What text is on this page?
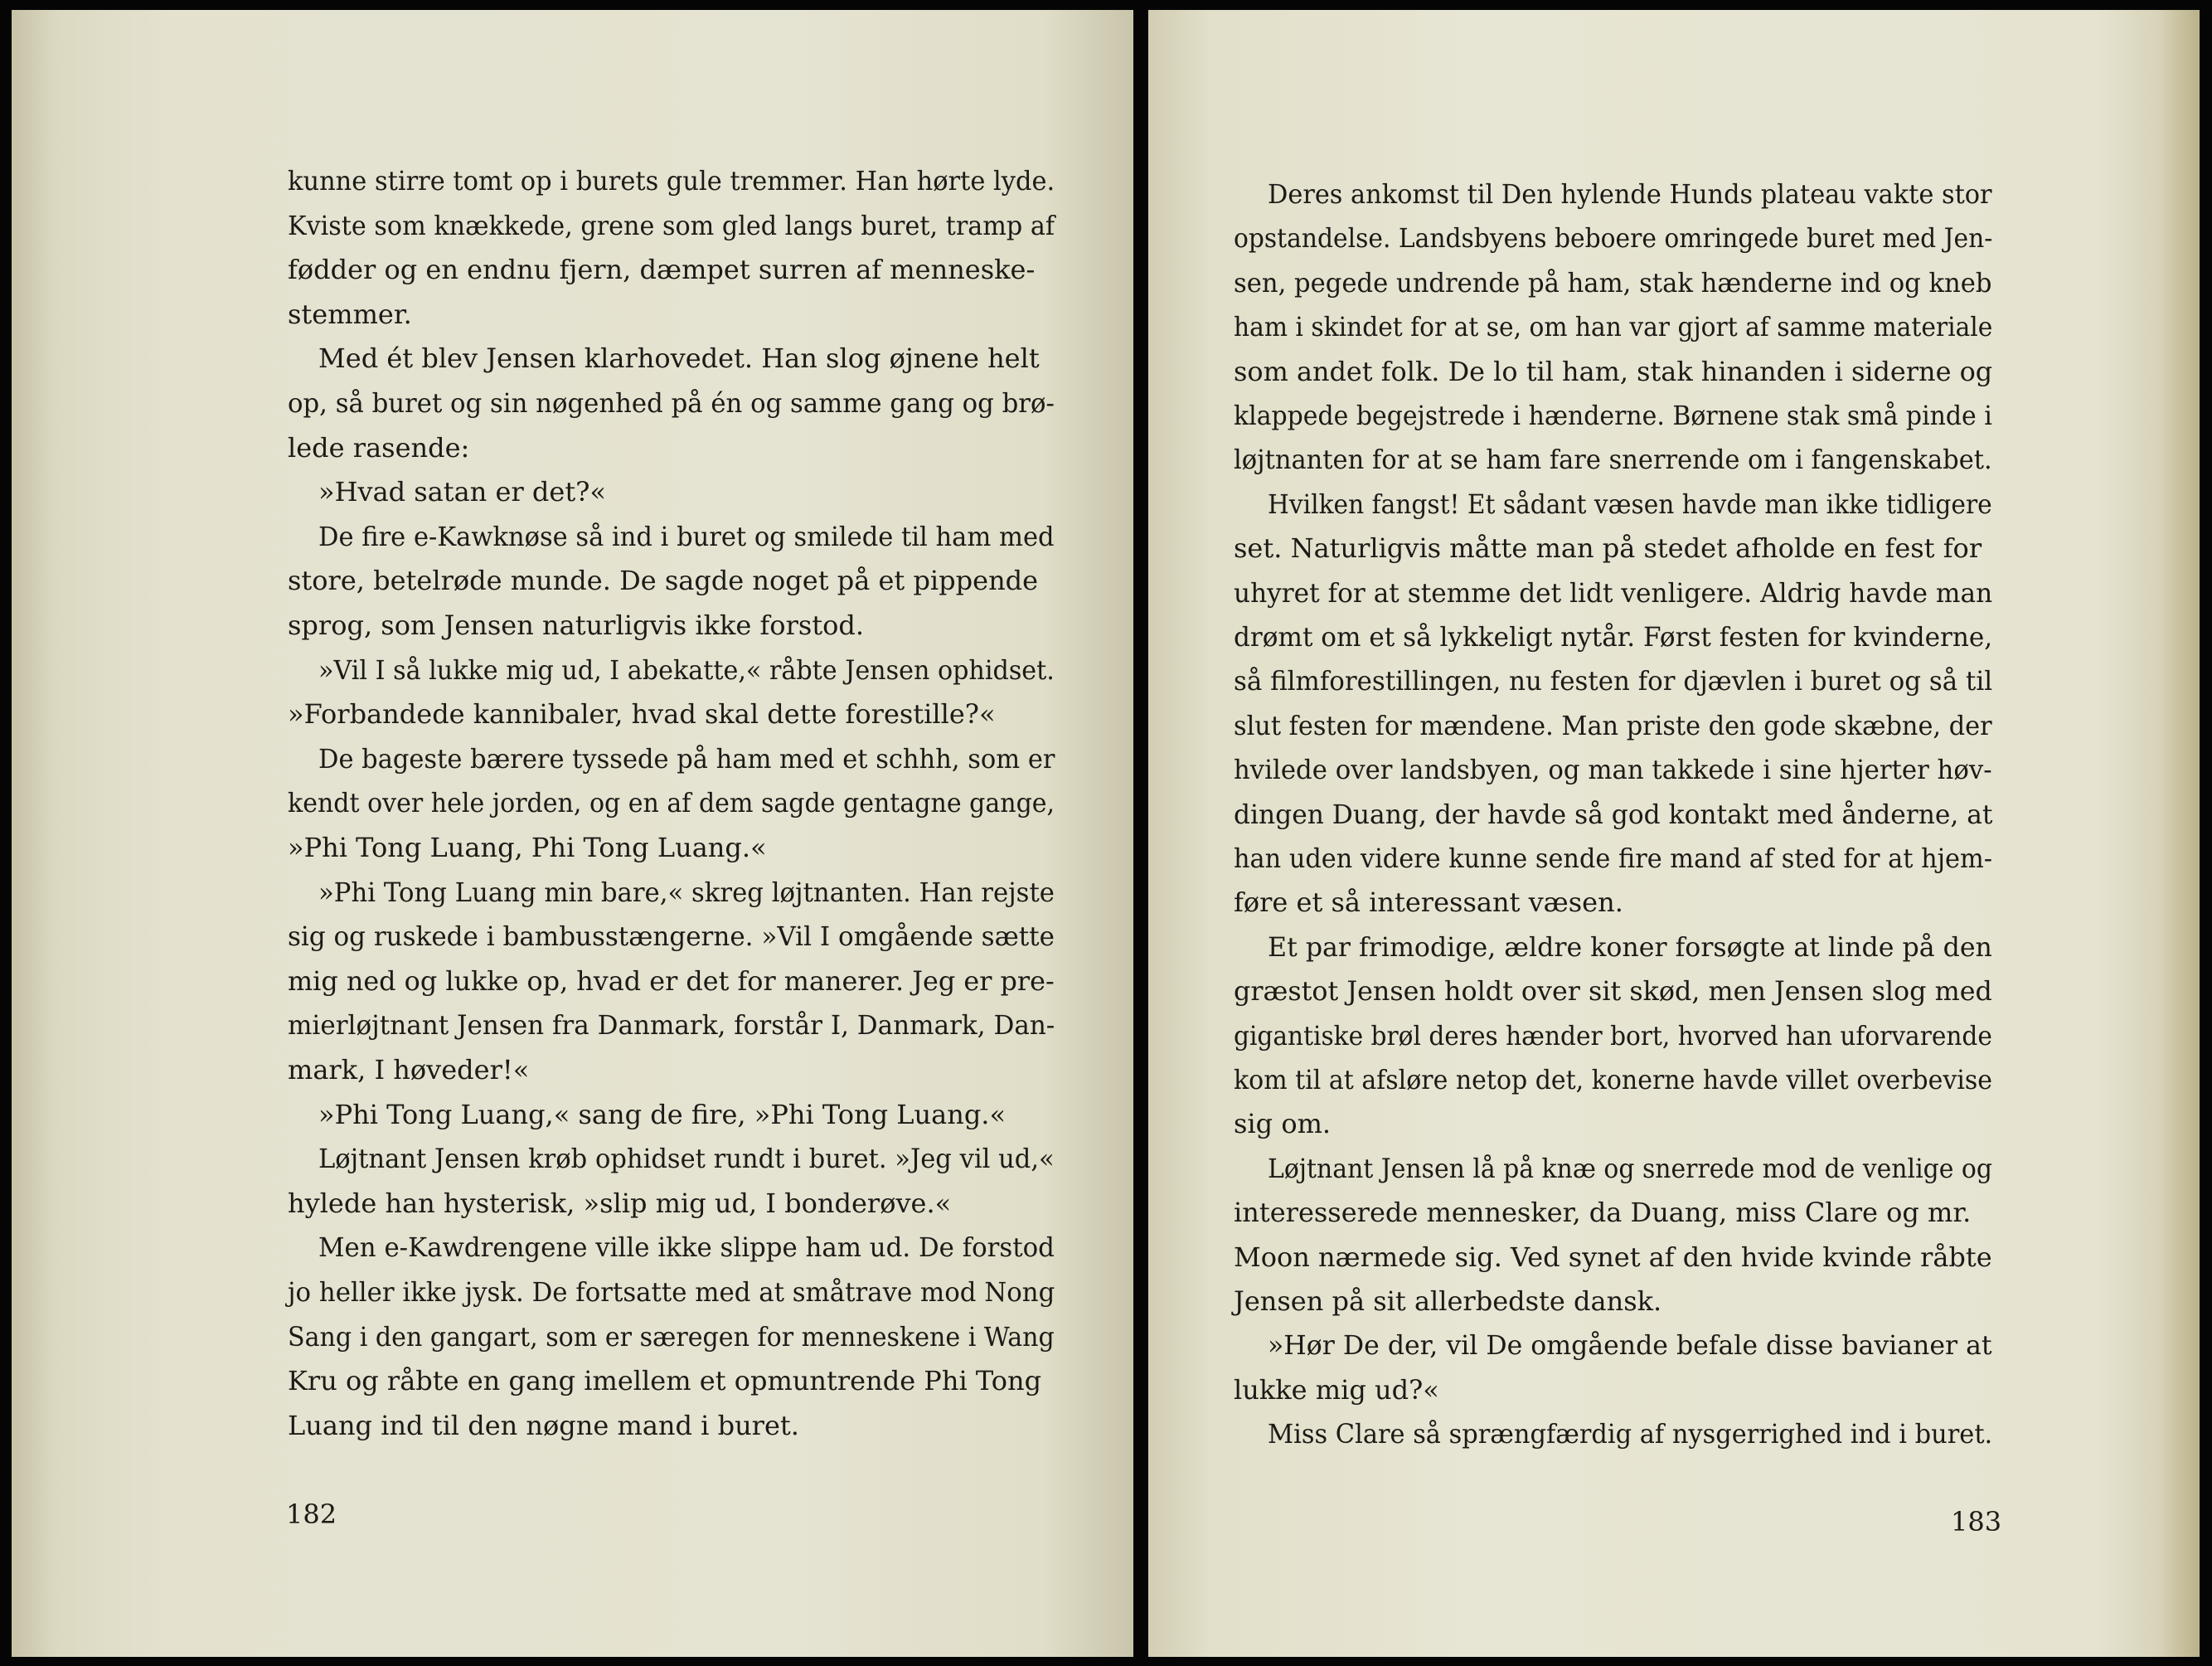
kunne stirre tomt op i burets gule tremmer. Han hørte lyde.
Kviste som knækkede, grene som gled langs buret, tramp af
fødder og en endnu fjern, dæmpet surren af menneske-
stemmer.
Med ét blev Jensen klarhovedet. Han slog øjnene helt
op, så buret og sin nøgenhed på én og samme gang og brø-
lede rasende:
»Hvad satan er det?«
De fire e-Kawknøse så ind i buret og smilede til ham med
store, betelrøde munde. De sagde noget på et pippende
sprog, som Jensen naturligvis ikke forstod.
»Vil I så lukke mig ud, I abekatte,« råbte Jensen ophidset.
»Forbandede kannibaler, hvad skal dette forestille?«
De bageste bærere tyssede på ham med et schhh, som er
kendt over hele jorden, og en af dem sagde gentagne gange,
»Phi Tong Luang, Phi Tong Luang.«
»Phi Tong Luang min bare,« skreg løjtnanten. Han rejste
sig og ruskede i bambusstængerne. »Vil I omgående sætte
mig ned og lukke op, hvad er det for manerer. Jeg er pre-
mierløjtnant Jensen fra Danmark, forstår I, Danmark, Dan-
mark, I høveder!«
»Phi Tong Luang,« sang de fire, »Phi Tong Luang.«
Løjtnant Jensen krøb ophidset rundt i buret. »Jeg vil ud,«
hylede han hysterisk, »slip mig ud, I bonderøve.«
Men e-Kawdrengene ville ikke slippe ham ud. De forstod
jo heller ikke jysk. De fortsatte med at småtrave mod Nong
Sang i den gangart, som er særegen for menneskene i Wang
Kru og råbte en gang imellem et opmuntrende Phi Tong
Luang ind til den nøgne mand i buret.
182
Deres ankomst til Den hylende Hunds plateau vakte stor
opstandelse. Landsbyens beboere omringede buret med Jen-
sen, pegede undrende på ham, stak hænderne ind og kneb
ham i skindet for at se, om han var gjort af samme materiale
som andet folk. De lo til ham, stak hinanden i siderne og
klappede begejstrede i hænderne. Børnene stak små pinde i
løjtnanten for at se ham fare snerrende om i fangenskabet.
Hvilken fangst! Et sådant væsen havde man ikke tidligere
set. Naturligvis måtte man på stedet afholde en fest for
uhyret for at stemme det lidt venligere. Aldrig havde man
drømt om et så lykkeligt nytår. Først festen for kvinderne,
så filmforestillingen, nu festen for djævlen i buret og så til
slut festen for mændene. Man priste den gode skæbne, der
hvilede over landsbyen, og man takkede i sine hjerter høv-
dingen Duang, der havde så god kontakt med ånderne, at
han uden videre kunne sende fire mand af sted for at hjem-
føre et så interessant væsen.
Et par frimodige, ældre koner forsøgte at linde på den
græstot Jensen holdt over sit skød, men Jensen slog med
gigantiske brøl deres hænder bort, hvorved han uforvarende
kom til at afsløre netop det, konerne havde villet overbevise
sig om.
Løjtnant Jensen lå på knæ og snerrede mod de venlige og
interesserede mennesker, da Duang, miss Clare og mr.
Moon nærmede sig. Ved synet af den hvide kvinde råbte
Jensen på sit allerbedste dansk.
»Hør De der, vil De omgående befale disse bavianer at
lukke mig ud?«
Miss Clare så sprængfærdig af nysgerrighed ind i buret.
183
